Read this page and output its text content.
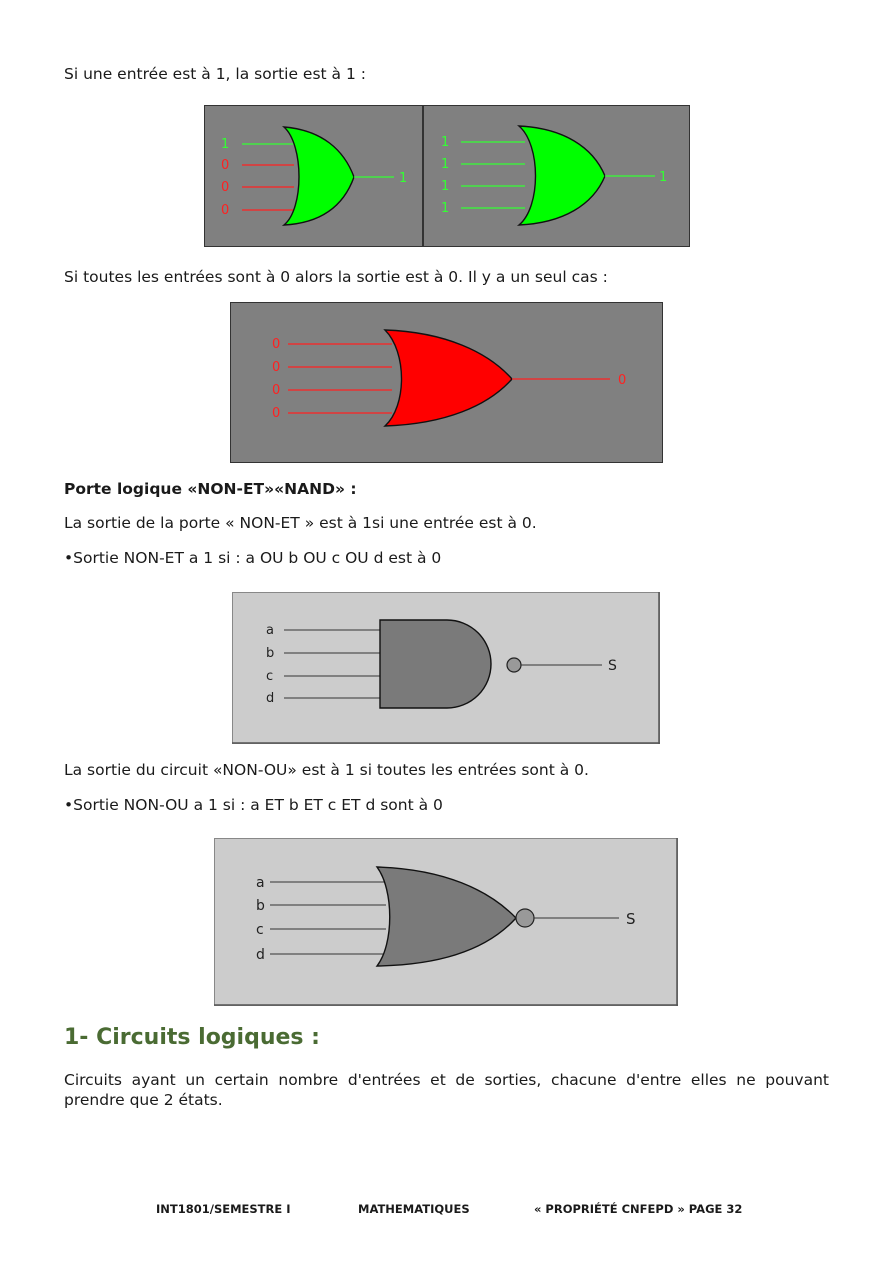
Si une entrée est à 1, la sortie est à 1 :
1
0
0
0
1
1
1
1
1
1
Si toutes les entrées sont à 0 alors la sortie est à 0. Il y a un seul cas :
0
0
0
0
0
Porte logique «NON-ET»«NAND» :
La sortie de la porte « NON-ET » est à 1si une entrée est à 0.
•Sortie NON-ET a 1 si : a OU b OU c OU d est à 0
a
b
c
d
S
La sortie du circuit «NON-OU» est à 1 si toutes les entrées sont à 0.
•Sortie NON-OU a 1 si : a ET b ET c ET d sont à 0
a
b
c
d
S
1- Circuits logiques :
Circuits ayant un certain nombre d'entrées et de sorties, chacune d'entre elles ne pouvant prendre que 2 états.
INT1801/SEMESTRE I	MATHEMATIQUES	« PROPRIÉTÉ CNFEPD » PAGE 32
